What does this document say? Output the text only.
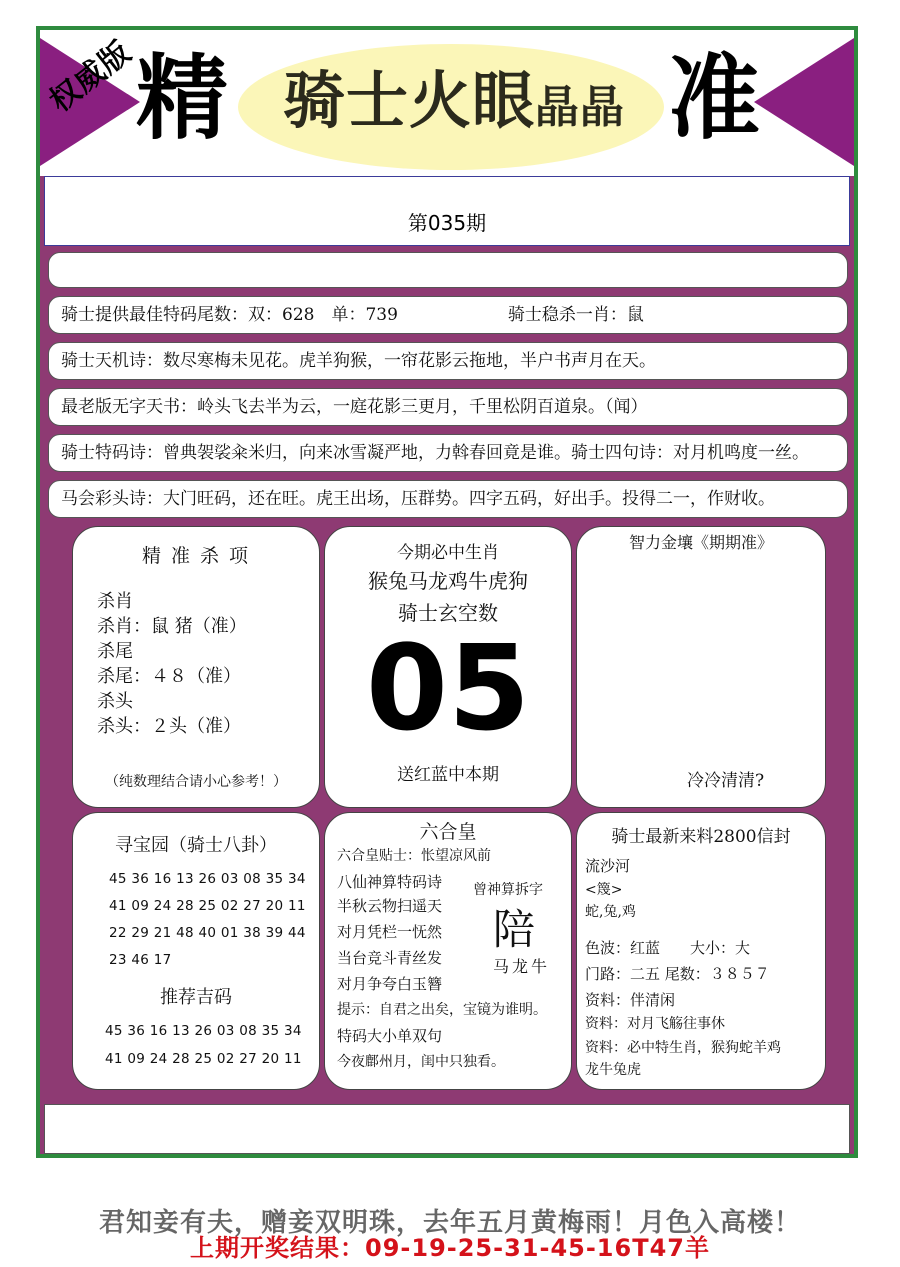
权威版
精 骑士火眼晶晶 准
第035期
骑士提供最佳特码尾数：双：628　单：739	骑士稳杀一肖：鼠
骑士天机诗：数尽寒梅未见花。虎羊狗猴，一帘花影云拖地，半户书声月在天。
最老版无字天书：岭头飞去半为云，一庭花影三更月，千里松阴百道泉。（闻）
骑士特码诗：曾典袈裟籴米归，向来冰雪凝严地，力斡春回竟是谁。骑士四句诗：对月机鸣度一丝。
马会彩头诗：大门旺码，还在旺。虎王出场，压群势。四字五码，好出手。投得二一，作财收。
精 准 杀 项
杀肖
杀肖：鼠 猪（准）
杀尾
杀尾：４８（准）
杀头
杀头：２头（准）
（纯数理结合请小心参考！）
今期必中生肖
猴兔马龙鸡牛虎狗
骑士玄空数
05
送红蓝中本期
智力金壤《期期准》
冷冷清清?
寻宝园（骑士八卦）
45 36 16 13 26 03 08 35 34
41 09 24 28 25 02 27 20 11
22 29 21 48 40 01 38 39 44
23 46 17
推荐吉码
45 36 16 13 26 03 08 35 34
41 09 24 28 25 02 27 20 11
六合皇
六合皇贴士：怅望凉风前
八仙神算特码诗
半秋云物扫遥天
对月凭栏一怃然
当台竞斗青丝发
对月争夸白玉簪
曾神算拆字
陪
马龙牛
提示：自君之出矣，宝镜为谁明。
特码大小单双句
今夜鄜州月，闺中只独看。
骑士最新来料2800信封
流沙河
<篾>
蛇,兔,鸡
色波：红蓝　　大小：大
门路：二五 尾数：３８５７
资料：伴清闲
资料：对月飞觞往事休
资料：必中特生肖，猴狗蛇羊鸡
龙牛兔虎
君知妾有夫，赠妾双明珠，去年五月黄梅雨！月色入高楼！
上期开奖结果：09-19-25-31-45-16T47羊
